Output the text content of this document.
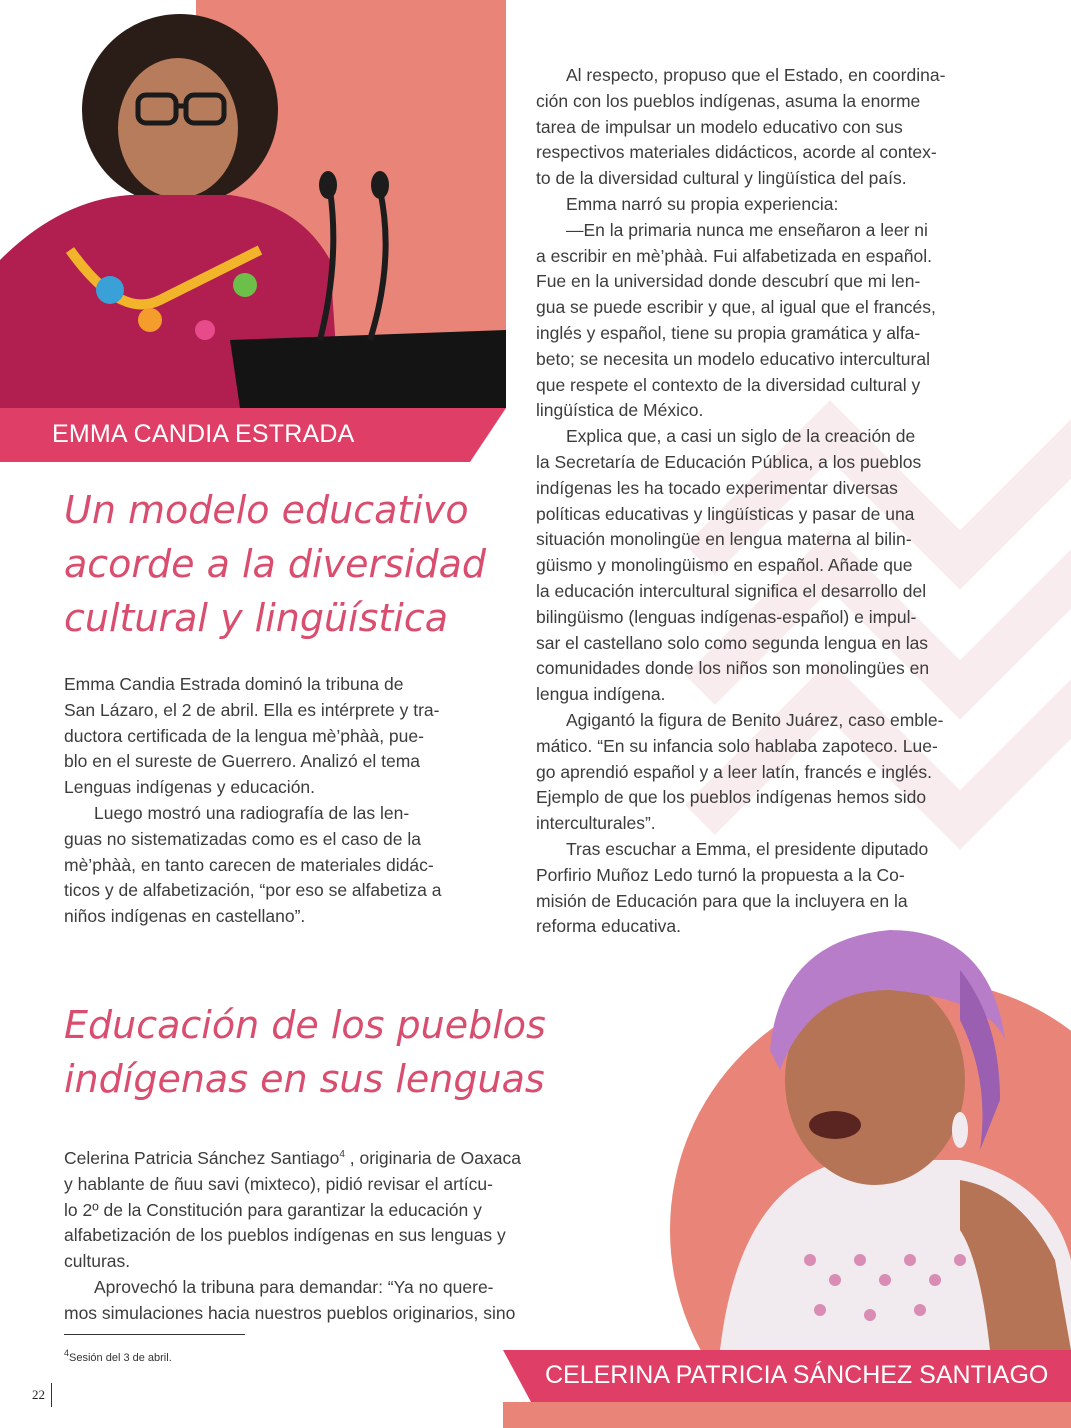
EMMA CANDIA ESTRADA
Un modelo educativo
acorde a la diversidad
cultural y lingüística
Emma Candia Estrada dominó la tribuna de
San Lázaro, el 2 de abril. Ella es intérprete y tra-
ductora certificada de la lengua mè’phàà, pue-
blo en el sureste de Guerrero. Analizó el tema
Lenguas indígenas y educación.
Luego mostró una radiografía de las len-
guas no sistematizadas como es el caso de la
mè’phàà, en tanto carecen de materiales didác-
ticos y de alfabetización, “por eso se alfabetiza a
niños indígenas en castellano”.
Al respecto, propuso que el Estado, en coordina-
ción con los pueblos indígenas, asuma la enorme
tarea de impulsar un modelo educativo con sus
respectivos materiales didácticos, acorde al contex-
to de la diversidad cultural y lingüística del país.
Emma narró su propia experiencia:
—En la primaria nunca me enseñaron a leer ni
a escribir en mè’phàà. Fui alfabetizada en español.
Fue en la universidad donde descubrí que mi len-
gua se puede escribir y que, al igual que el francés,
inglés y español, tiene su propia gramática y alfa-
beto; se necesita un modelo educativo intercultural
que respete el contexto de la diversidad cultural y
lingüística de México.
Explica que, a casi un siglo de la creación de
la Secretaría de Educación Pública, a los pueblos
indígenas les ha tocado experimentar diversas
políticas educativas y lingüísticas y pasar de una
situación monolingüe en lengua materna al bilin-
güismo y monolingüismo en español. Añade que
la educación intercultural significa el desarrollo del
bilingüismo (lenguas indígenas-español) e impul-
sar el castellano solo como segunda lengua en las
comunidades donde los niños son monolingües en
lengua indígena.
Agigantó la figura de Benito Juárez, caso emble-
mático. “En su infancia solo hablaba zapoteco. Lue-
go aprendió español y a leer latín, francés e inglés.
Ejemplo de que los pueblos indígenas hemos sido
interculturales”.
Tras escuchar a Emma, el presidente diputado
Porfirio Muñoz Ledo turnó la propuesta a la Co-
misión de Educación para que la incluyera en la
reforma educativa.
Educación de los pueblos
indígenas en sus lenguas
Celerina Patricia Sánchez Santiago$^4$ , originaria de Oaxaca
y hablante de ñuu savi (mixteco), pidió revisar el artícu-
lo 2º de la Constitución para garantizar la educación y
alfabetización de los pueblos indígenas en sus lenguas y
culturas.
Aprovechó la tribuna para demandar: “Ya no quere-
mos simulaciones hacia nuestros pueblos originarios, sino
$^4$Sesión del 3 de abril.
22
CELERINA PATRICIA SÁNCHEZ SANTIAGO
